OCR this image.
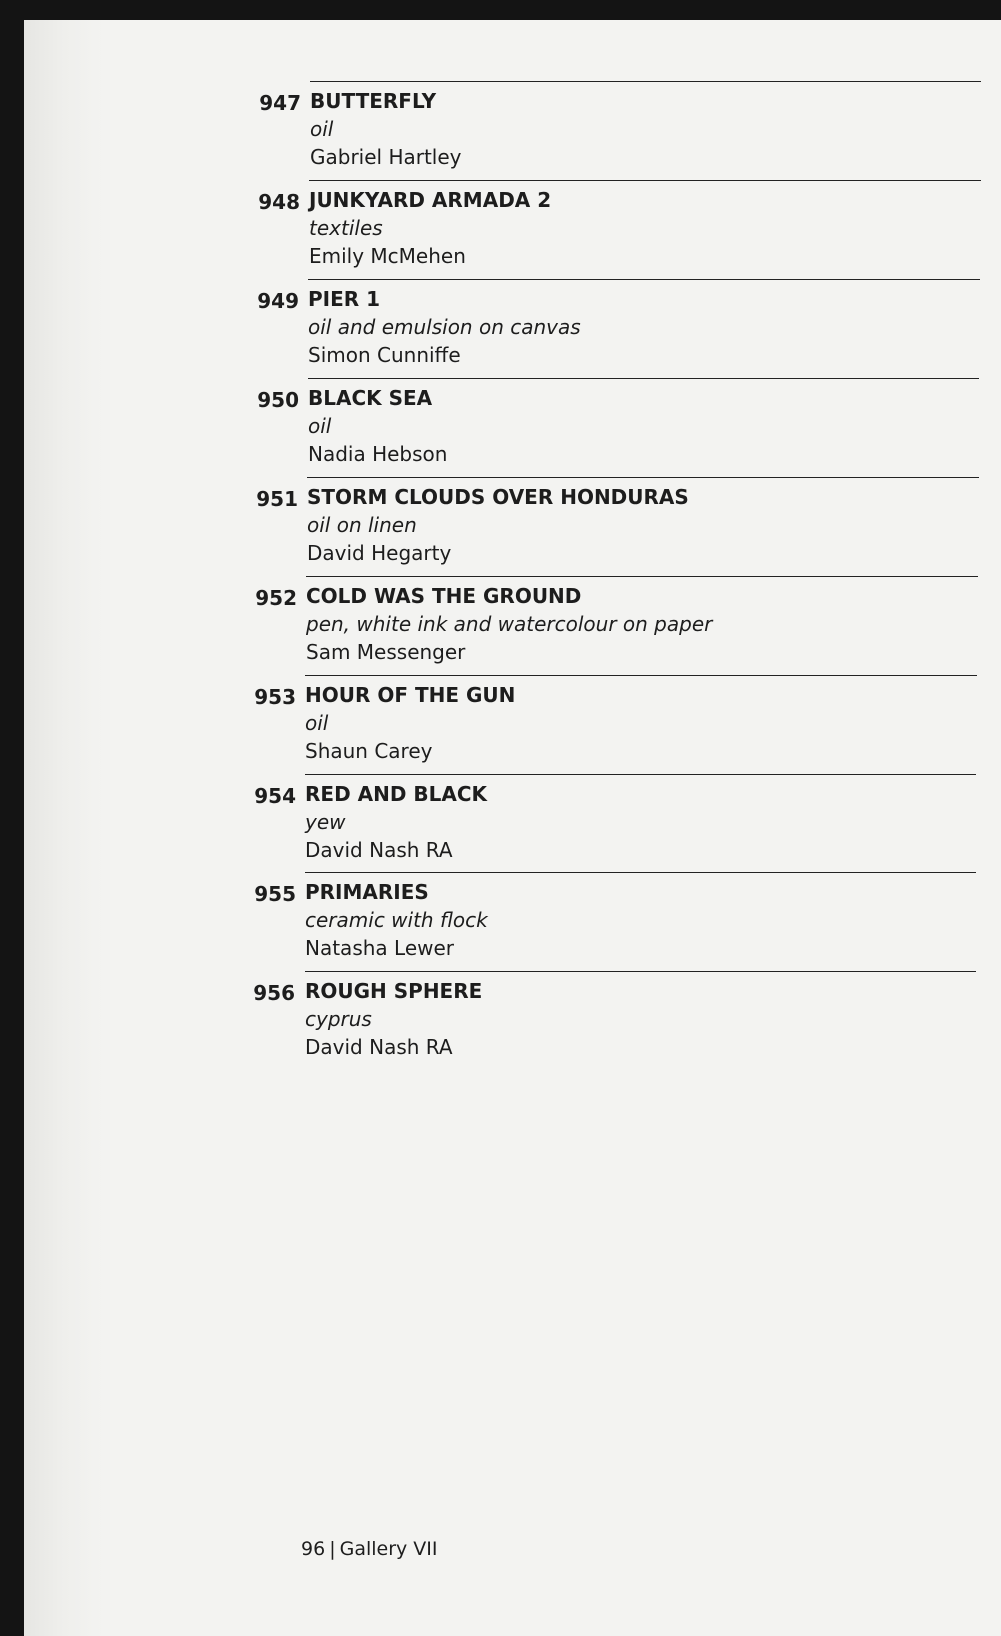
947 BUTTERFLY
oil
Gabriel Hartley
948 JUNKYARD ARMADA 2
textiles
Emily McMehen
949 PIER 1
oil and emulsion on canvas
Simon Cunniffe
950 BLACK SEA
oil
Nadia Hebson
951 STORM CLOUDS OVER HONDURAS
oil on linen
David Hegarty
952 COLD WAS THE GROUND
pen, white ink and watercolour on paper
Sam Messenger
953 HOUR OF THE GUN
oil
Shaun Carey
954 RED AND BLACK
yew
David Nash RA
955 PRIMARIES
ceramic with flock
Natasha Lewer
956 ROUGH SPHERE
cyprus
David Nash RA
96 | Gallery VII
